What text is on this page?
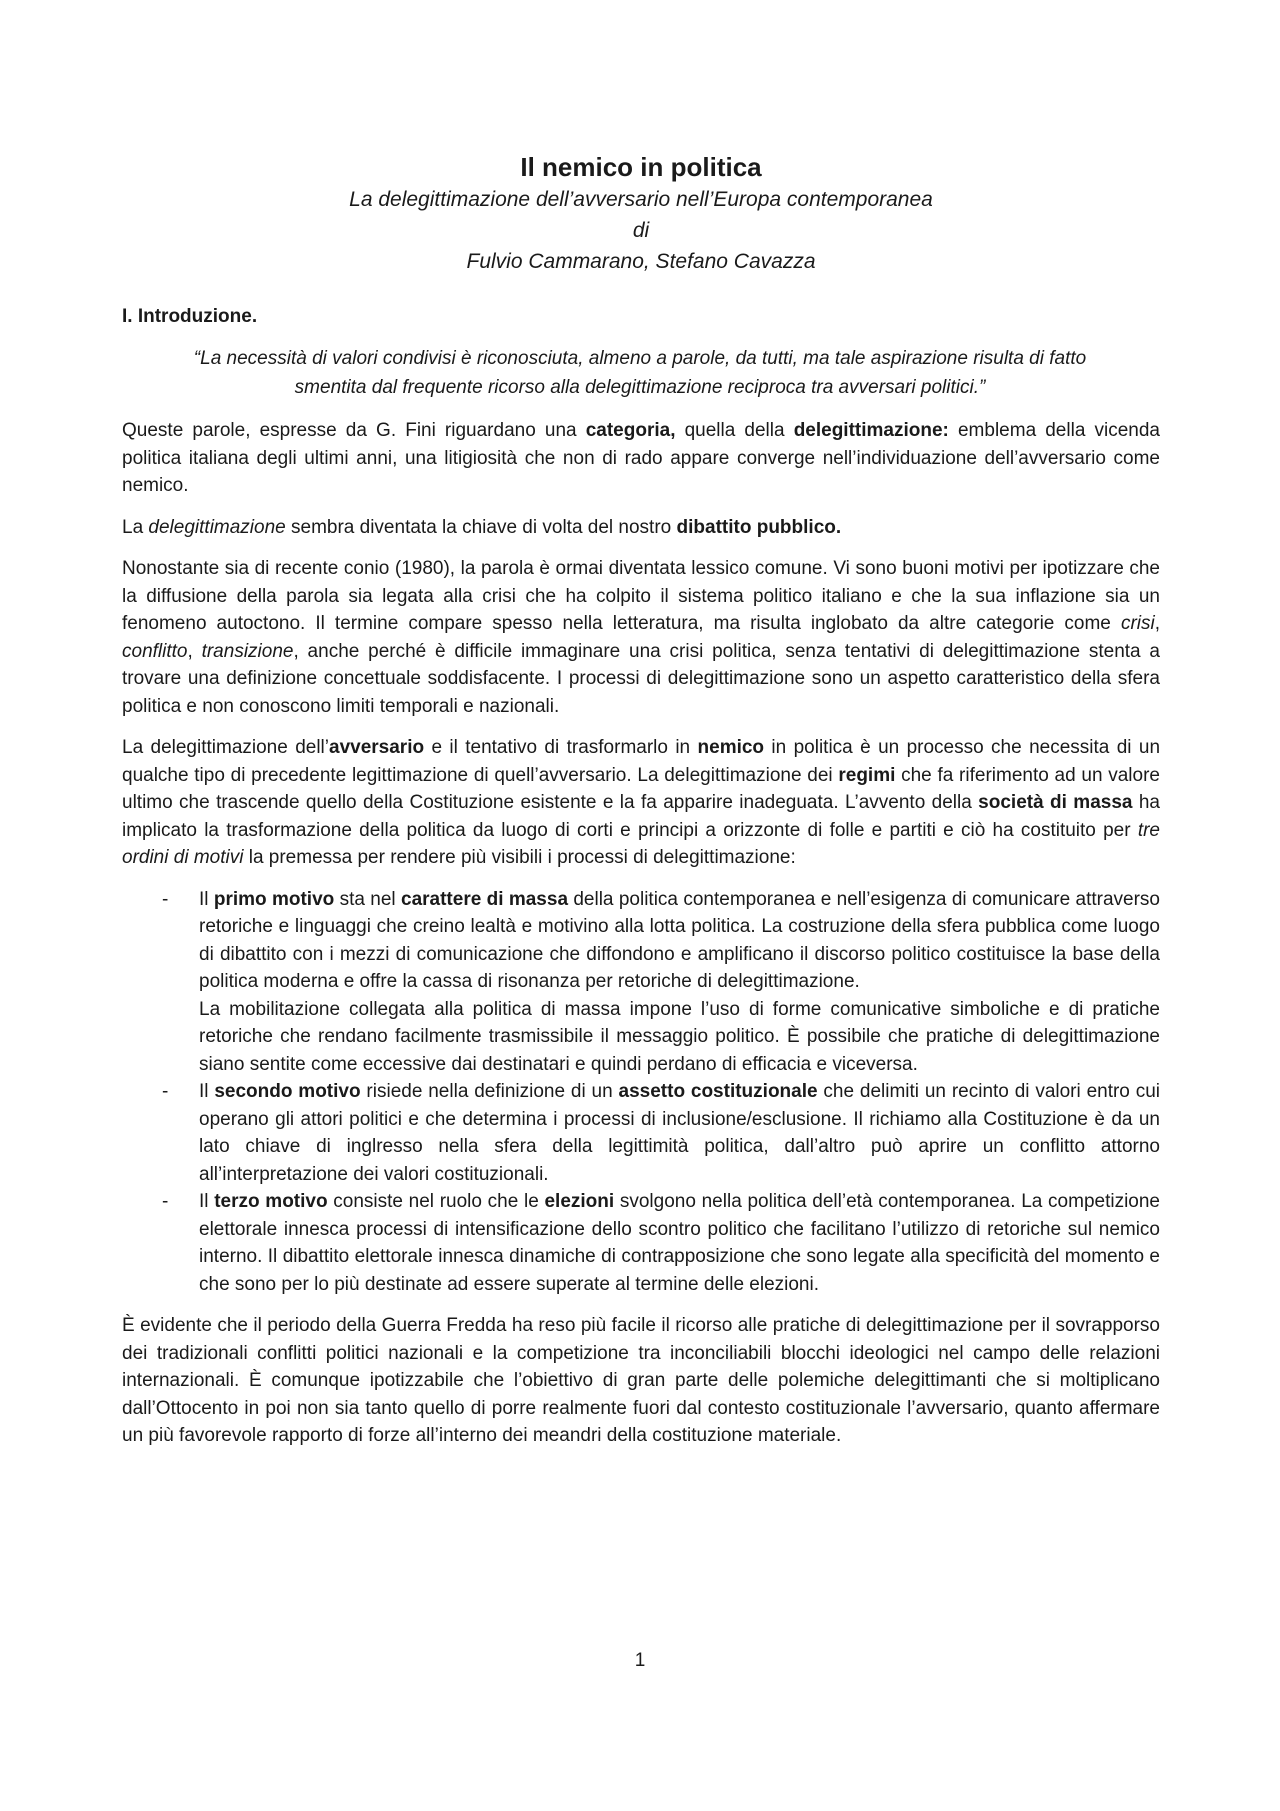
Il nemico in politica

La delegittimazione dell’avversario nell’Europa contemporanea

di

Fulvio Cammarano, Stefano Cavazza

I. Introduzione.

“La necessità di valori condivisi è riconosciuta, almeno a parole, da tutti, ma tale aspirazione risulta di fatto
smentita dal frequente ricorso alla delegittimazione reciproca tra avversari politici.”

Queste parole, espresse da G. Fini riguardano una categoria, quella della delegittimazione: emblema della vicenda politica italiana degli ultimi anni, una litigiosità che non di rado appare converge nell’individuazione dell’avversario come nemico.

La delegittimazione sembra diventata la chiave di volta del nostro dibattito pubblico.

Nonostante sia di recente conio (1980), la parola è ormai diventata lessico comune. Vi sono buoni motivi per ipotizzare che la diffusione della parola sia legata alla crisi che ha colpito il sistema politico italiano e che la sua inflazione sia un fenomeno autoctono. Il termine compare spesso nella letteratura, ma risulta inglobato da altre categorie come crisi, conflitto, transizione, anche perché è difficile immaginare una crisi politica, senza tentativi di delegittimazione stenta a trovare una definizione concettuale soddisfacente. I processi di delegittimazione sono un aspetto caratteristico della sfera politica e non conoscono limiti temporali e nazionali.

La delegittimazione dell’avversario e il tentativo di trasformarlo in nemico in politica è un processo che necessita di un qualche tipo di precedente legittimazione di quell’avversario. La delegittimazione dei regimi che fa riferimento ad un valore ultimo che trascende quello della Costituzione esistente e la fa apparire inadeguata. L’avvento della società di massa ha implicato la trasformazione della politica da luogo di corti e principi a orizzonte di folle e partiti e ciò ha costituito per tre ordini di motivi la premessa per rendere più visibili i processi di delegittimazione:

- Il primo motivo sta nel carattere di massa della politica contemporanea e nell’esigenza di comunicare attraverso retoriche e linguaggi che creino lealtà e motivino alla lotta politica. La costruzione della sfera pubblica come luogo di dibattito con i mezzi di comunicazione che diffondono e amplificano il discorso politico costituisce la base della politica moderna e offre la cassa di risonanza per retoriche di delegittimazione.

La mobilitazione collegata alla politica di massa impone l’uso di forme comunicative simboliche e di pratiche retoriche che rendano facilmente trasmissibile il messaggio politico. È possibile che pratiche di delegittimazione siano sentite come eccessive dai destinatari e quindi perdano di efficacia e viceversa.

- Il secondo motivo risiede nella definizione di un assetto costituzionale che delimiti un recinto di valori entro cui operano gli attori politici e che determina i processi di inclusione/esclusione. Il richiamo alla Costituzione è da un lato chiave di inglresso nella sfera della legittimità politica, dall’altro può aprire un conflitto attorno all’interpretazione dei valori costituzionali.

- Il terzo motivo consiste nel ruolo che le elezioni svolgono nella politica dell’età contemporanea. La competizione elettorale innesca processi di intensificazione dello scontro politico che facilitano l’utilizzo di retoriche sul nemico interno. Il dibattito elettorale innesca dinamiche di contrapposizione che sono legate alla specificità del momento e che sono per lo più destinate ad essere superate al termine delle elezioni.

È evidente che il periodo della Guerra Fredda ha reso più facile il ricorso alle pratiche di delegittimazione per il sovrapporso dei tradizionali conflitti politici nazionali e la competizione tra inconciliabili blocchi ideologici nel campo delle relazioni internazionali. È comunque ipotizzabile che l’obiettivo di gran parte delle polemiche delegittimanti che si moltiplicano dall’Ottocento in poi non sia tanto quello di porre realmente fuori dal contesto costituzionale l’avversario, quanto affermare un più favorevole rapporto di forze all’interno dei meandri della costituzione materiale.

1
